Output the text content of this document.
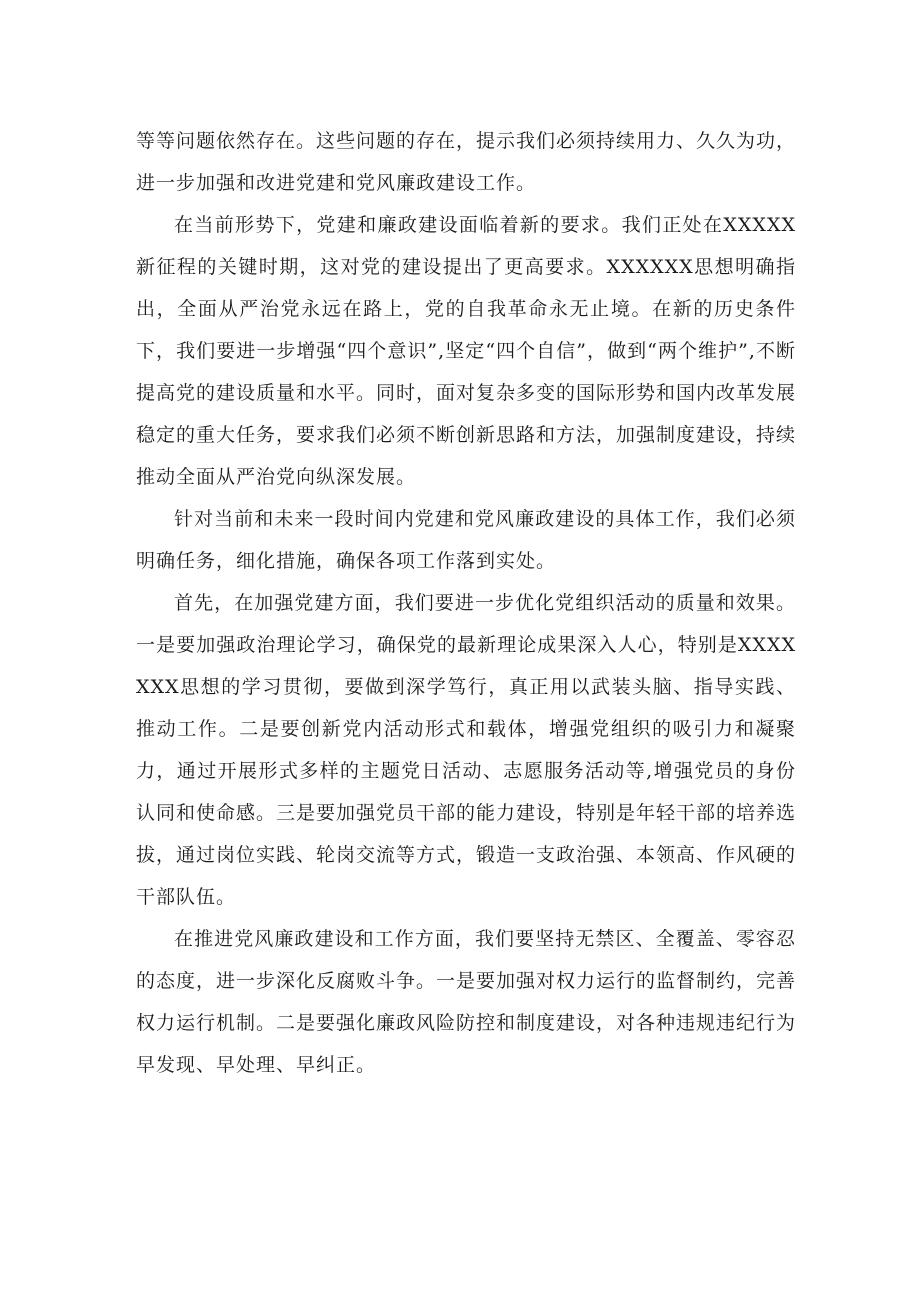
等等问题依然存在。这些问题的存在，提示我们必须持续用力、久久为功，进一步加强和改进党建和党风廉政建设工作。

在当前形势下，党建和廉政建设面临着新的要求。我们正处在XXXXX新征程的关键时期，这对党的建设提出了更高要求。XXXXXX思想明确指出，全面从严治党永远在路上，党的自我革命永无止境。在新的历史条件下，我们要进一步增强“四个意识”,坚定“四个自信”，做到“两个维护”,不断提高党的建设质量和水平。同时，面对复杂多变的国际形势和国内改革发展稳定的重大任务，要求我们必须不断创新思路和方法，加强制度建设，持续推动全面从严治党向纵深发展。

针对当前和未来一段时间内党建和党风廉政建设的具体工作，我们必须明确任务，细化措施，确保各项工作落到实处。

首先，在加强党建方面，我们要进一步优化党组织活动的质量和效果。一是要加强政治理论学习，确保党的最新理论成果深入人心，特别是XXXXXXX思想的学习贯彻，要做到深学笃行，真正用以武装头脑、指导实践、推动工作。二是要创新党内活动形式和载体，增强党组织的吸引力和凝聚力，通过开展形式多样的主题党日活动、志愿服务活动等,增强党员的身份认同和使命感。三是要加强党员干部的能力建设，特别是年轻干部的培养选拔，通过岗位实践、轮岗交流等方式，锻造一支政治强、本领高、作风硬的干部队伍。

在推进党风廉政建设和工作方面，我们要坚持无禁区、全覆盖、零容忍的态度，进一步深化反腐败斗争。一是要加强对权力运行的监督制约，完善权力运行机制。二是要强化廉政风险防控和制度建设，对各种违规违纪行为早发现、早处理、早纠正。
